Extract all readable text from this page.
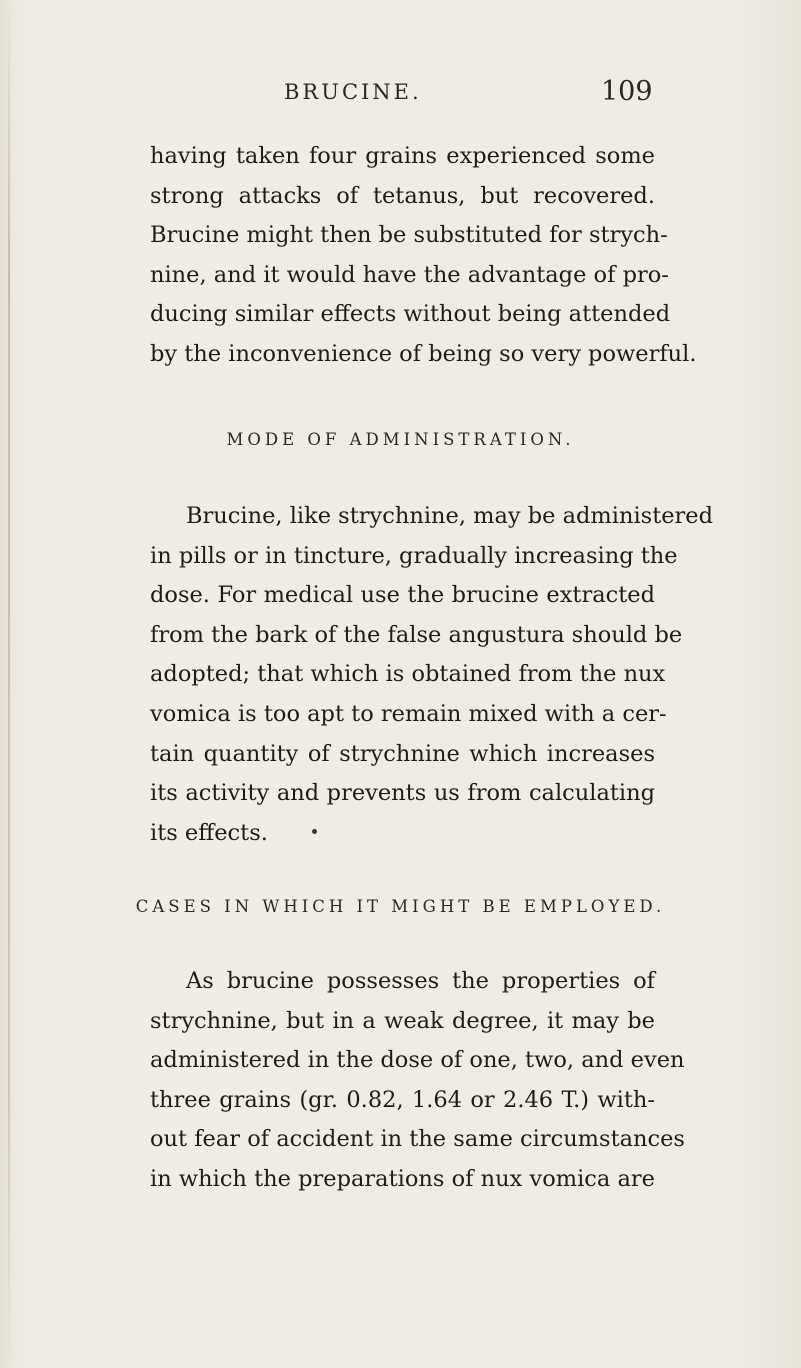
BRUCINE.	109
having taken four grains experienced some
strong attacks of tetanus, but recovered.
Brucine might then be substituted for strych-
nine, and it would have the advantage of pro-
ducing similar effects without being attended
by the inconvenience of being so very powerful.
MODE OF ADMINISTRATION.
Brucine, like strychnine, may be administered
in pills or in tincture, gradually increasing the
dose. For medical use the brucine extracted
from the bark of the false angustura should be
adopted; that which is obtained from the nux
vomica is too apt to remain mixed with a cer-
tain quantity of strychnine which increases
its activity and prevents us from calculating
its effects.
CASES IN WHICH IT MIGHT BE EMPLOYED.
As brucine possesses the properties of
strychnine, but in a weak degree, it may be
administered in the dose of one, two, and even
three grains (gr. 0.82, 1.64 or 2.46 T.) with-
out fear of accident in the same circumstances
in which the preparations of nux vomica are
